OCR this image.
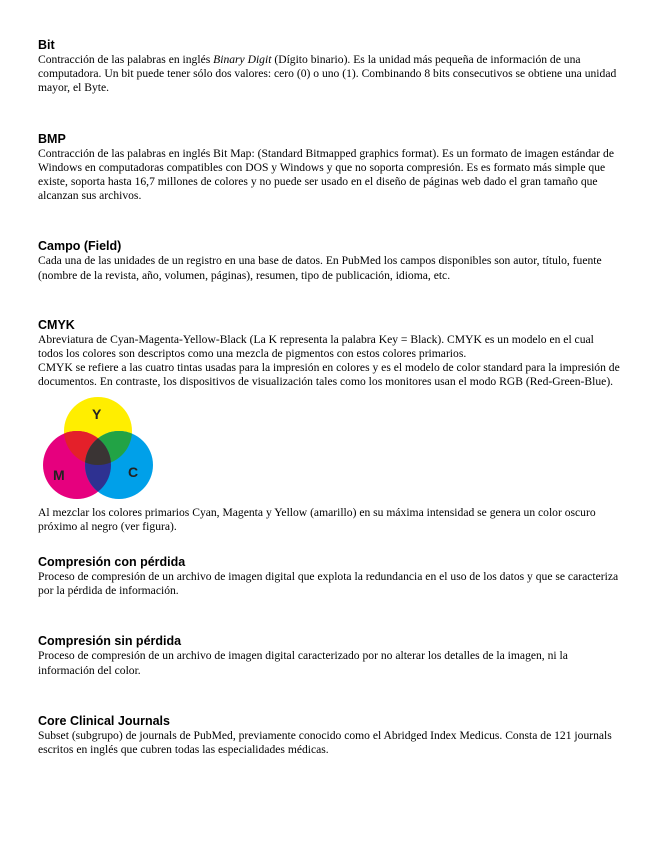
Bit

Contracción de las palabras en inglés Binary Digit (Dígito binario). Es la unidad más pequeña de información de una computadora. Un bit puede tener sólo dos valores: cero (0) o uno (1). Combinando 8 bits consecutivos se obtiene una unidad mayor, el Byte.

BMP

Contracción de las palabras en inglés Bit Map: (Standard Bitmapped graphics format). Es un formato de imagen estándar de Windows en computadoras compatibles con DOS y Windows y que no soporta compresión. Es es formato más simple que existe, soporta hasta 16,7 millones de colores y no puede ser usado en el diseño de páginas web dado el gran tamaño que alcanzan sus archivos.

Campo (Field)

Cada una de las unidades de un registro en una base de datos. En PubMed los campos disponibles son autor, título, fuente (nombre de la revista, año, volumen, páginas), resumen, tipo de publicación, idioma, etc.

CMYK

Abreviatura de Cyan-Magenta-Yellow-Black (La K representa la palabra Key = Black). CMYK es un modelo en el cual todos los colores son descriptos como una mezcla de pigmentos con estos colores primarios.

CMYK se refiere a las cuatro tintas usadas para la impresión en colores y es el modelo de color standard para la impresión de documentos. En contraste, los dispositivos de visualización tales como los monitores usan el modo RGB (Red-Green-Blue).

Y
M	C

Al mezclar los colores primarios Cyan, Magenta y Yellow (amarillo) en su máxima intensidad se genera un color oscuro próximo al negro (ver figura).

Compresión con pérdida

Proceso de compresión de un archivo de imagen digital que explota la redundancia en el uso de los datos y que se caracteriza por la pérdida de información.

Compresión sin pérdida

Proceso de compresión de un archivo de imagen digital caracterizado por no alterar los detalles de la imagen, ni la información del color.

Core Clinical Journals

Subset (subgrupo) de journals de PubMed, previamente conocido como el Abridged Index Medicus. Consta de 121 journals escritos en inglés que cubren todas las especialidades médicas.
